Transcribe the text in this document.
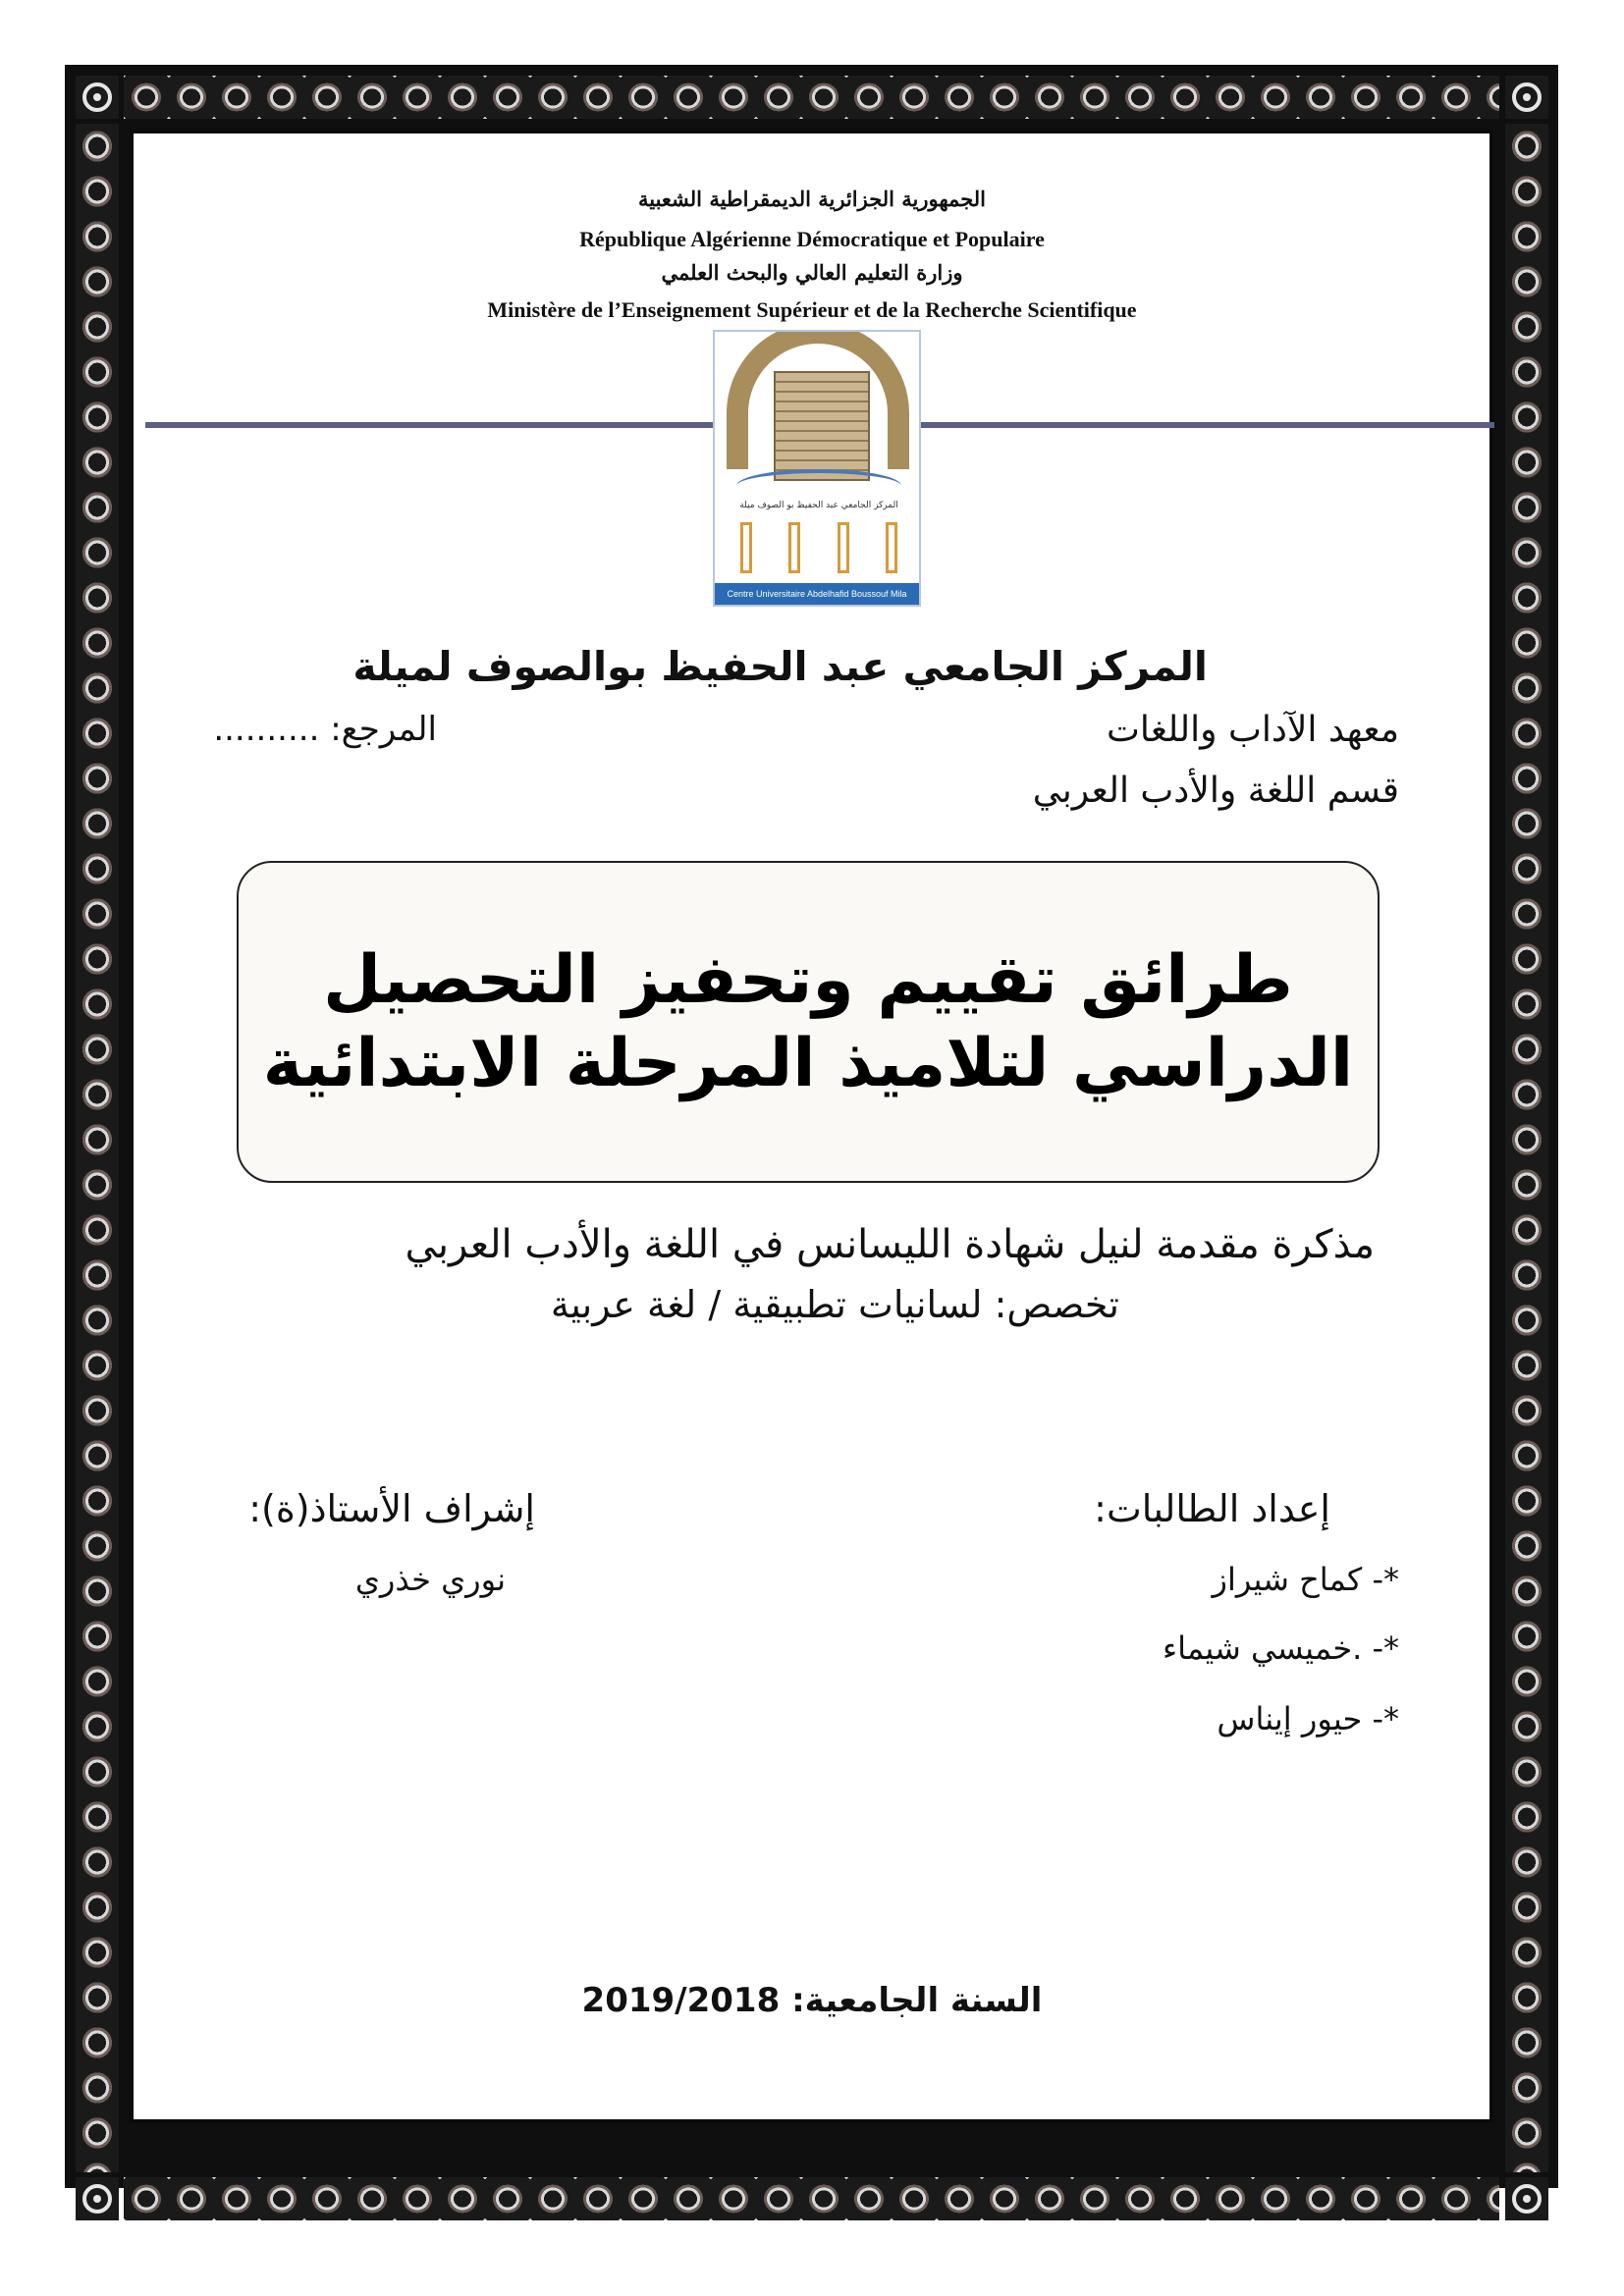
الجمهورية الجزائرية الديمقراطية الشعبية
République Algérienne Démocratique et Populaire
وزارة التعليم العالي والبحث العلمي
Ministère de l’Enseignement Supérieur et de la Recherche Scientifique
المركز الجامعي عبد الحفيظ بو الصوف ميلة
Centre Universitaire Abdelhafid Boussouf Mila
المركز الجامعي عبد الحفيظ بوالصوف لميلة
معهد الآداب واللغات
المرجع: ..........
قسم اللغة والأدب العربي
طرائق تقييم وتحفيز التحصيل
الدراسي لتلاميذ المرحلة الابتدائية
مذكرة مقدمة لنيل شهادة الليسانس في اللغة والأدب العربي
تخصص: لسانيات تطبيقية / لغة عربية
إعداد الطالبات:
*- كماح شيراز
*- .خميسي شيماء
*- حيور إيناس
إشراف الأستاذ(ة):
نوري خذري
السنة الجامعية: 2019/2018
